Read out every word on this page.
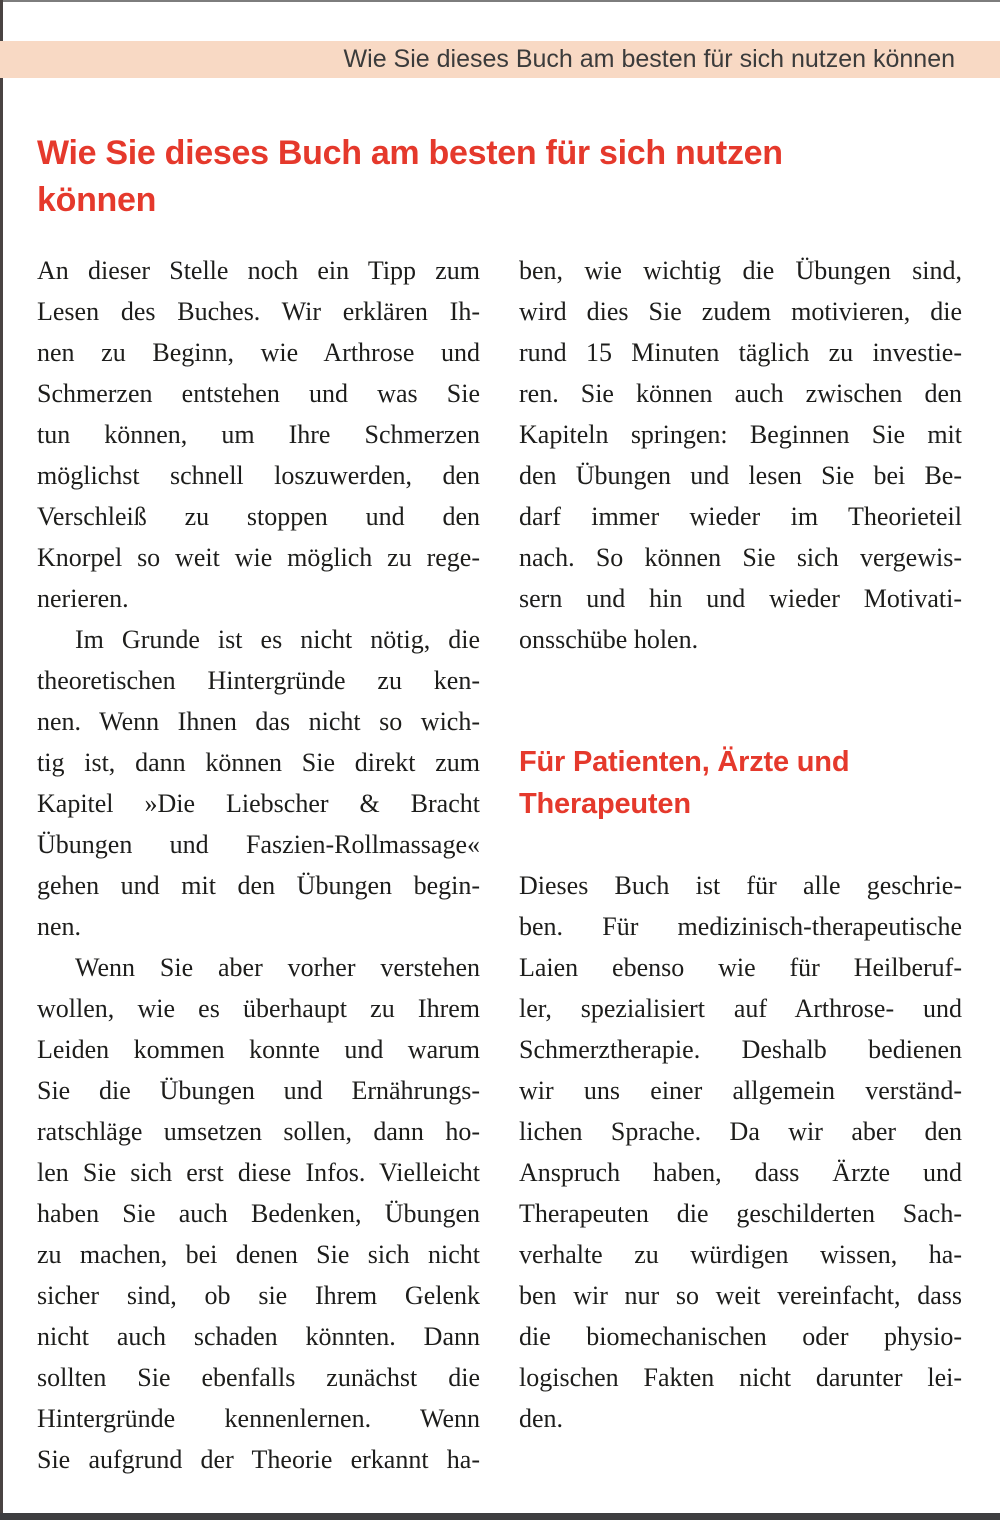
Wie Sie dieses Buch am besten für sich nutzen können
Wie Sie dieses Buch am besten für sich nutzen
können
An dieser Stelle noch ein Tipp zum
Lesen des Buches. Wir erklären Ih-
nen zu Beginn, wie Arthrose und
Schmerzen entstehen und was Sie
tun können, um Ihre Schmerzen
möglichst schnell loszuwerden, den
Verschleiß zu stoppen und den
Knorpel so weit wie möglich zu rege-
nerieren.
Im Grunde ist es nicht nötig, die
theoretischen Hintergründe zu ken-
nen. Wenn Ihnen das nicht so wich-
tig ist, dann können Sie direkt zum
Kapitel »Die Liebscher & Bracht
Übungen und Faszien-Rollmassage«
gehen und mit den Übungen begin-
nen.
Wenn Sie aber vorher verstehen
wollen, wie es überhaupt zu Ihrem
Leiden kommen konnte und warum
Sie die Übungen und Ernährungs-
ratschläge umsetzen sollen, dann ho-
len Sie sich erst diese Infos. Vielleicht
haben Sie auch Bedenken, Übungen
zu machen, bei denen Sie sich nicht
sicher sind, ob sie Ihrem Gelenk
nicht auch schaden könnten. Dann
sollten Sie ebenfalls zunächst die
Hintergründe kennenlernen. Wenn
Sie aufgrund der Theorie erkannt ha-
ben, wie wichtig die Übungen sind,
wird dies Sie zudem motivieren, die
rund 15 Minuten täglich zu investie-
ren. Sie können auch zwischen den
Kapiteln springen: Beginnen Sie mit
den Übungen und lesen Sie bei Be-
darf immer wieder im Theorieteil
nach. So können Sie sich vergewis-
sern und hin und wieder Motivati-
onsschübe holen.
Für Patienten, Ärzte und
Therapeuten
Dieses Buch ist für alle geschrie-
ben. Für medizinisch-therapeutische
Laien ebenso wie für Heilberuf-
ler, spezialisiert auf Arthrose- und
Schmerztherapie. Deshalb bedienen
wir uns einer allgemein verständ-
lichen Sprache. Da wir aber den
Anspruch haben, dass Ärzte und
Therapeuten die geschilderten Sach-
verhalte zu würdigen wissen, ha-
ben wir nur so weit vereinfacht, dass
die biomechanischen oder physio-
logischen Fakten nicht darunter lei-
den.
